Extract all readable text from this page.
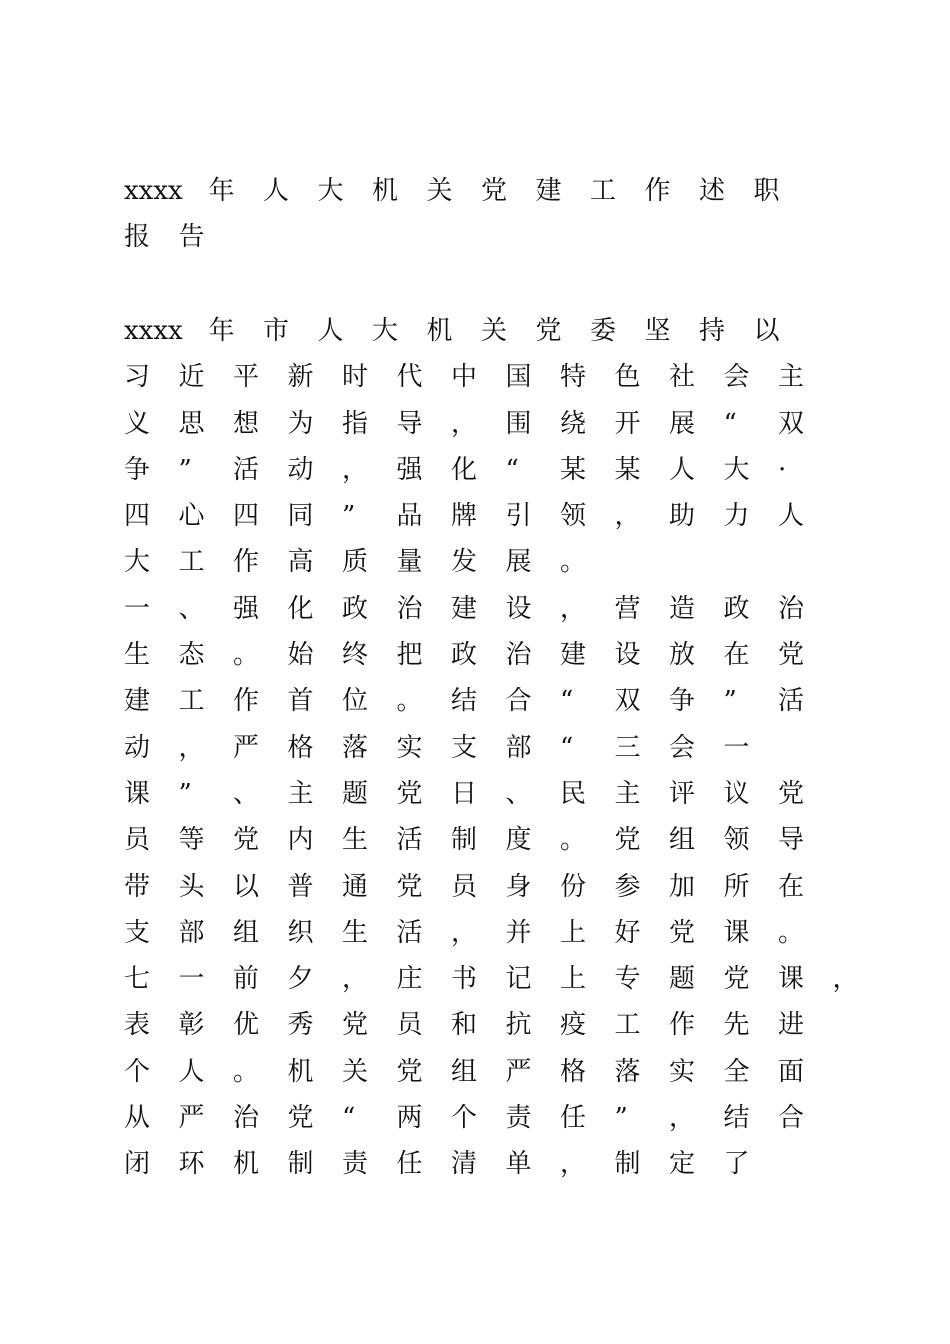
xxxx 年 人 大 机 关 党 建 工 作 述 职
报 告
xxxx 年 市 人 大 机 关 党 委 坚 持 以
习 近 平 新 时 代 中 国 特 色 社 会 主
义 思 想 为 指 导 ， 围 绕 开 展 “ 双
争 ” 活 动 ， 强 化 “ 某 某 人 大 ·
四 心 四 同 ” 品 牌 引 领 ， 助 力 人
大 工 作 高 质 量 发 展 。
一 、 强 化 政 治 建 设 ， 营 造 政 治
生 态 。 始 终 把 政 治 建 设 放 在 党
建 工 作 首 位 。 结 合 “ 双 争 ” 活
动 ， 严 格 落 实 支 部 “ 三 会 一
课 ” 、 主 题 党 日 、 民 主 评 议 党
员 等 党 内 生 活 制 度 。 党 组 领 导
带 头 以 普 通 党 员 身 份 参 加 所 在
支 部 组 织 生 活 ， 并 上 好 党 课 。
七 一 前 夕 ， 庄 书 记 上 专 题 党 课 ，
表 彰 优 秀 党 员 和 抗 疫 工 作 先 进
个 人 。 机 关 党 组 严 格 落 实 全 面
从 严 治 党 “ 两 个 责 任 ” ， 结 合
闭 环 机 制 责 任 清 单 ， 制 定 了
